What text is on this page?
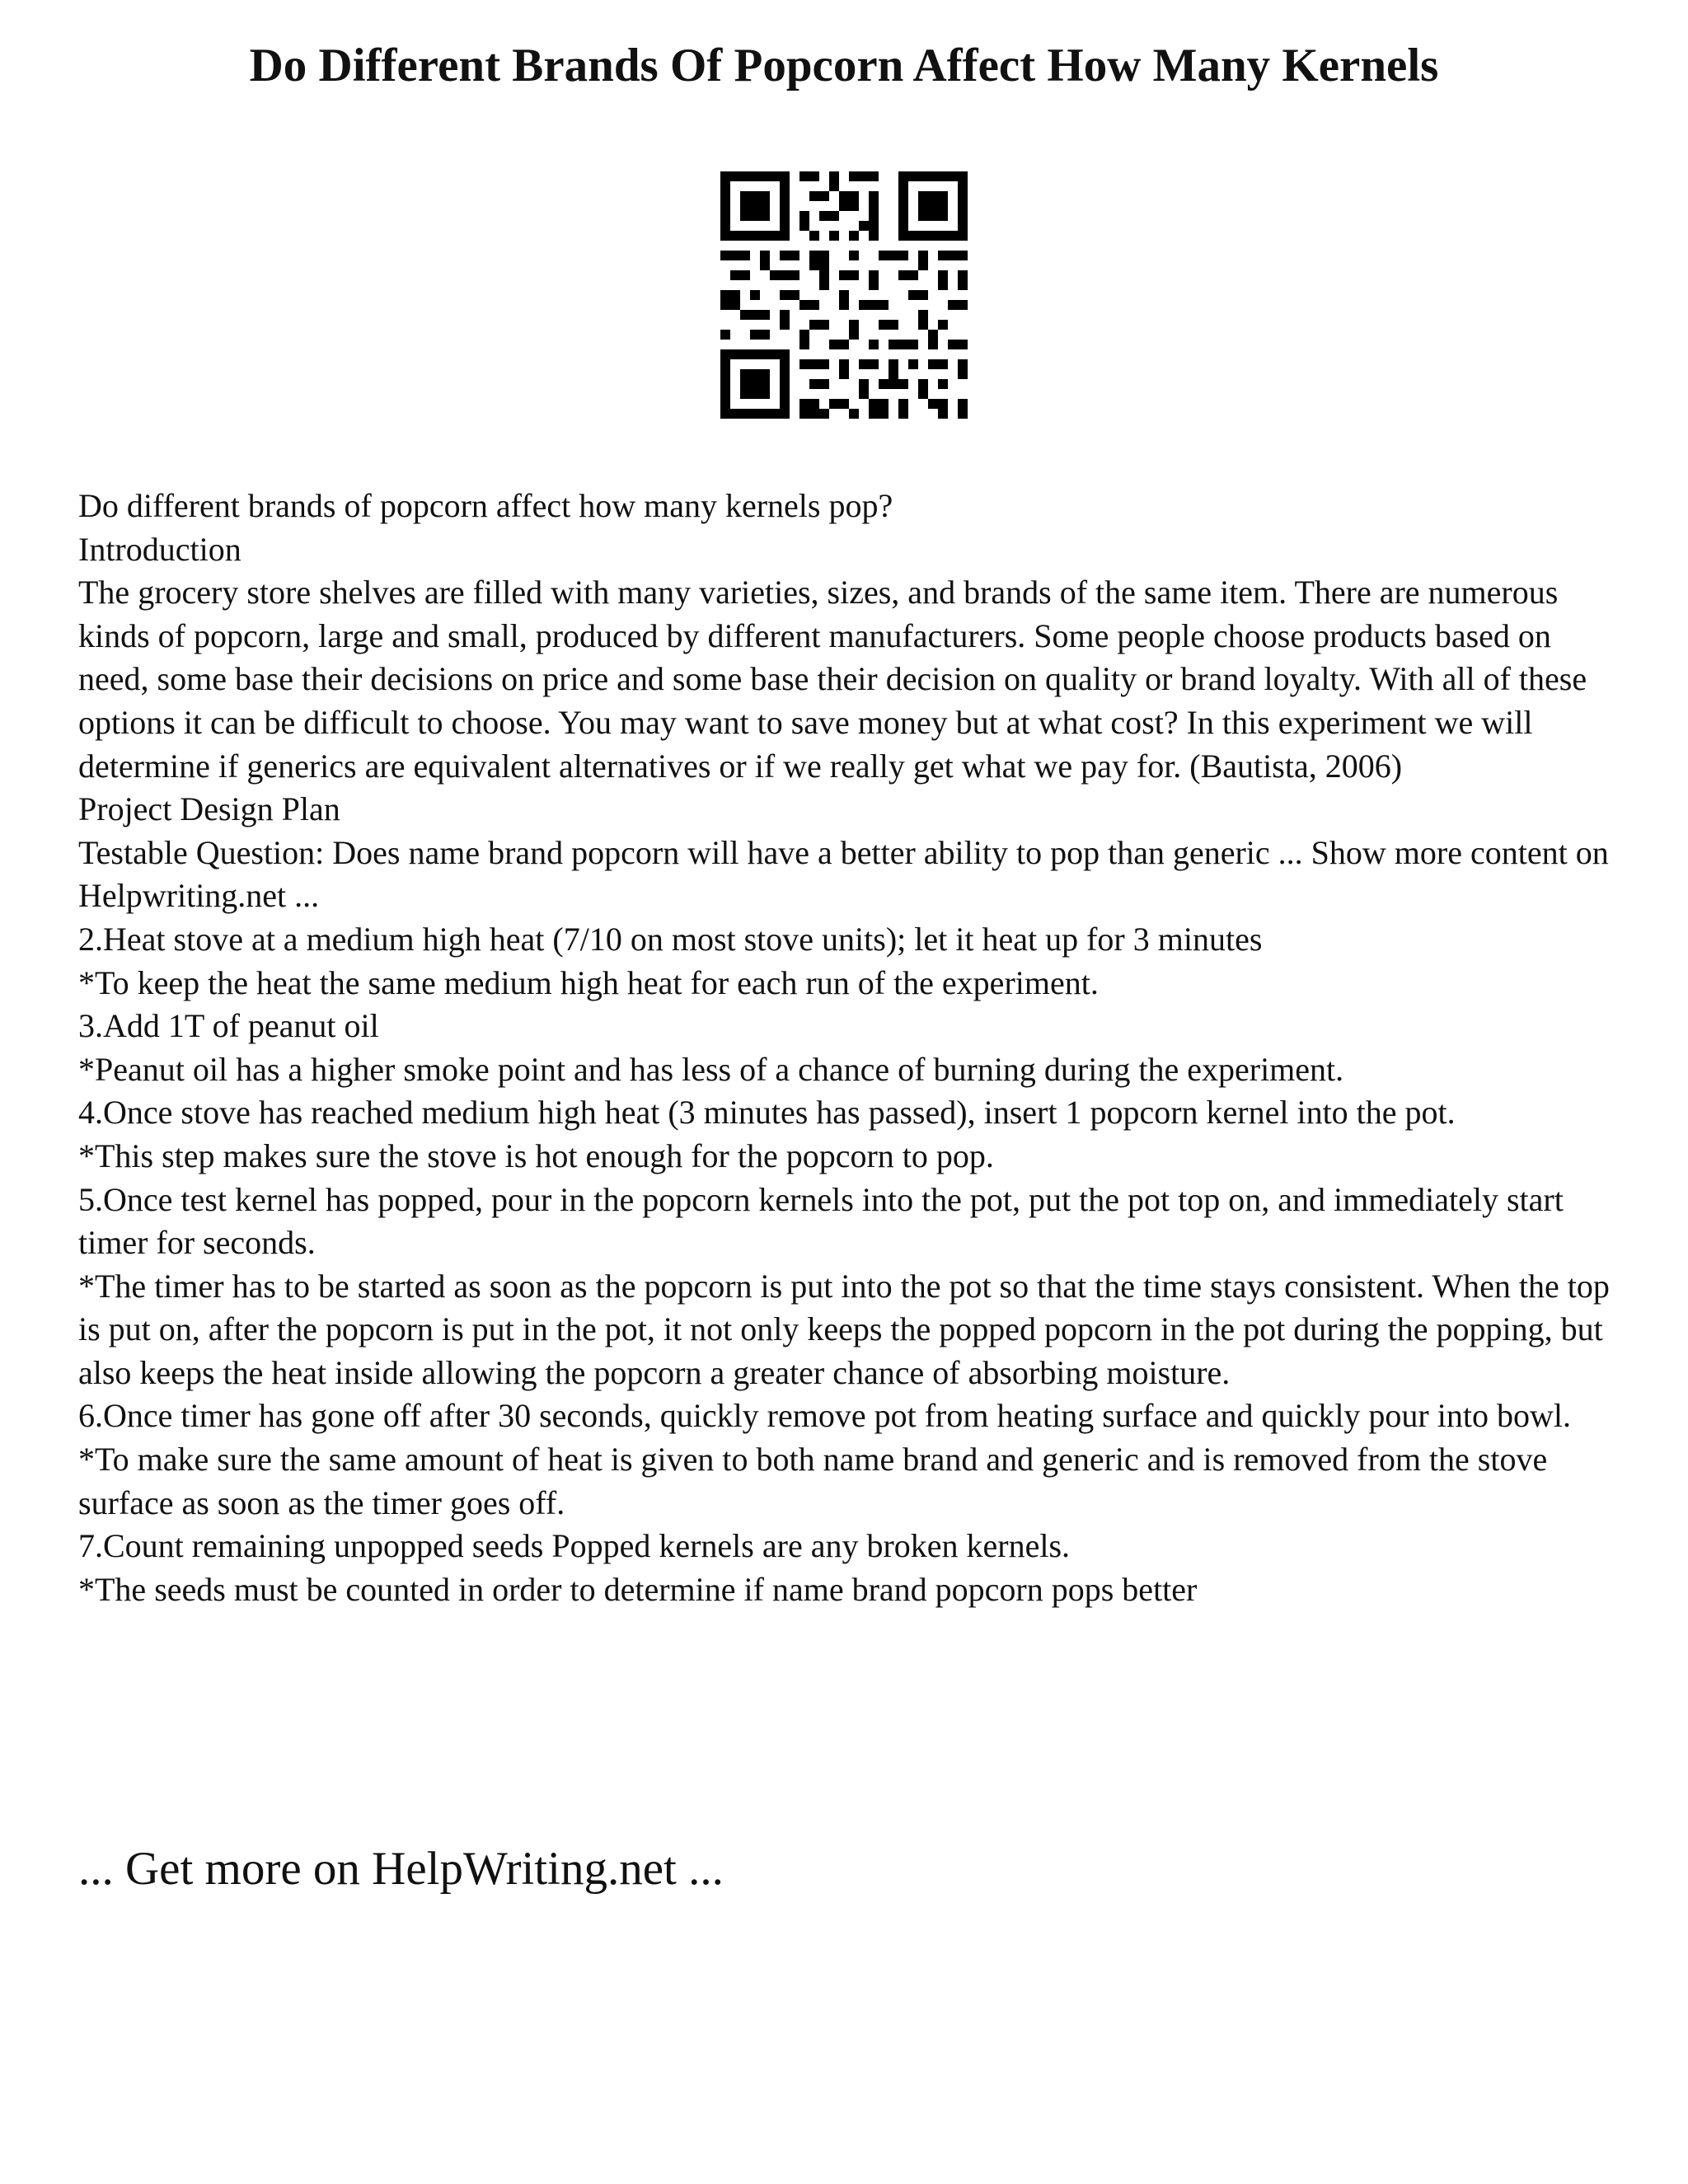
Do Different Brands Of Popcorn Affect How Many Kernels

Do different brands of popcorn affect how many kernels pop?

Introduction

The grocery store shelves are filled with many varieties, sizes, and brands of the same item. There are numerous kinds of popcorn, large and small, produced by different manufacturers. Some people choose products based on need, some base their decisions on price and some base their decision on quality or brand loyalty. With all of these options it can be difficult to choose. You may want to save money but at what cost? In this experiment we will determine if generics are equivalent alternatives or if we really get what we pay for. (Bautista, 2006)

Project Design Plan

Testable Question: Does name brand popcorn will have a better ability to pop than generic ... Show more content on Helpwriting.net ...

2.Heat stove at a medium high heat (7/10 on most stove units); let it heat up for 3 minutes

*To keep the heat the same medium high heat for each run of the experiment.

3.Add 1T of peanut oil

*Peanut oil has a higher smoke point and has less of a chance of burning during the experiment.

4.Once stove has reached medium high heat (3 minutes has passed), insert 1 popcorn kernel into the pot.

*This step makes sure the stove is hot enough for the popcorn to pop.

5.Once test kernel has popped, pour in the popcorn kernels into the pot, put the pot top on, and immediately start timer for seconds.

*The timer has to be started as soon as the popcorn is put into the pot so that the time stays consistent. When the top is put on, after the popcorn is put in the pot, it not only keeps the popped popcorn in the pot during the popping, but also keeps the heat inside allowing the popcorn a greater chance of absorbing moisture.

6.Once timer has gone off after 30 seconds, quickly remove pot from heating surface and quickly pour into bowl.

*To make sure the same amount of heat is given to both name brand and generic and is removed from the stove surface as soon as the timer goes off.

7.Count remaining unpopped seeds Popped kernels are any broken kernels.

*The seeds must be counted in order to determine if name brand popcorn pops better

... Get more on HelpWriting.net ...
